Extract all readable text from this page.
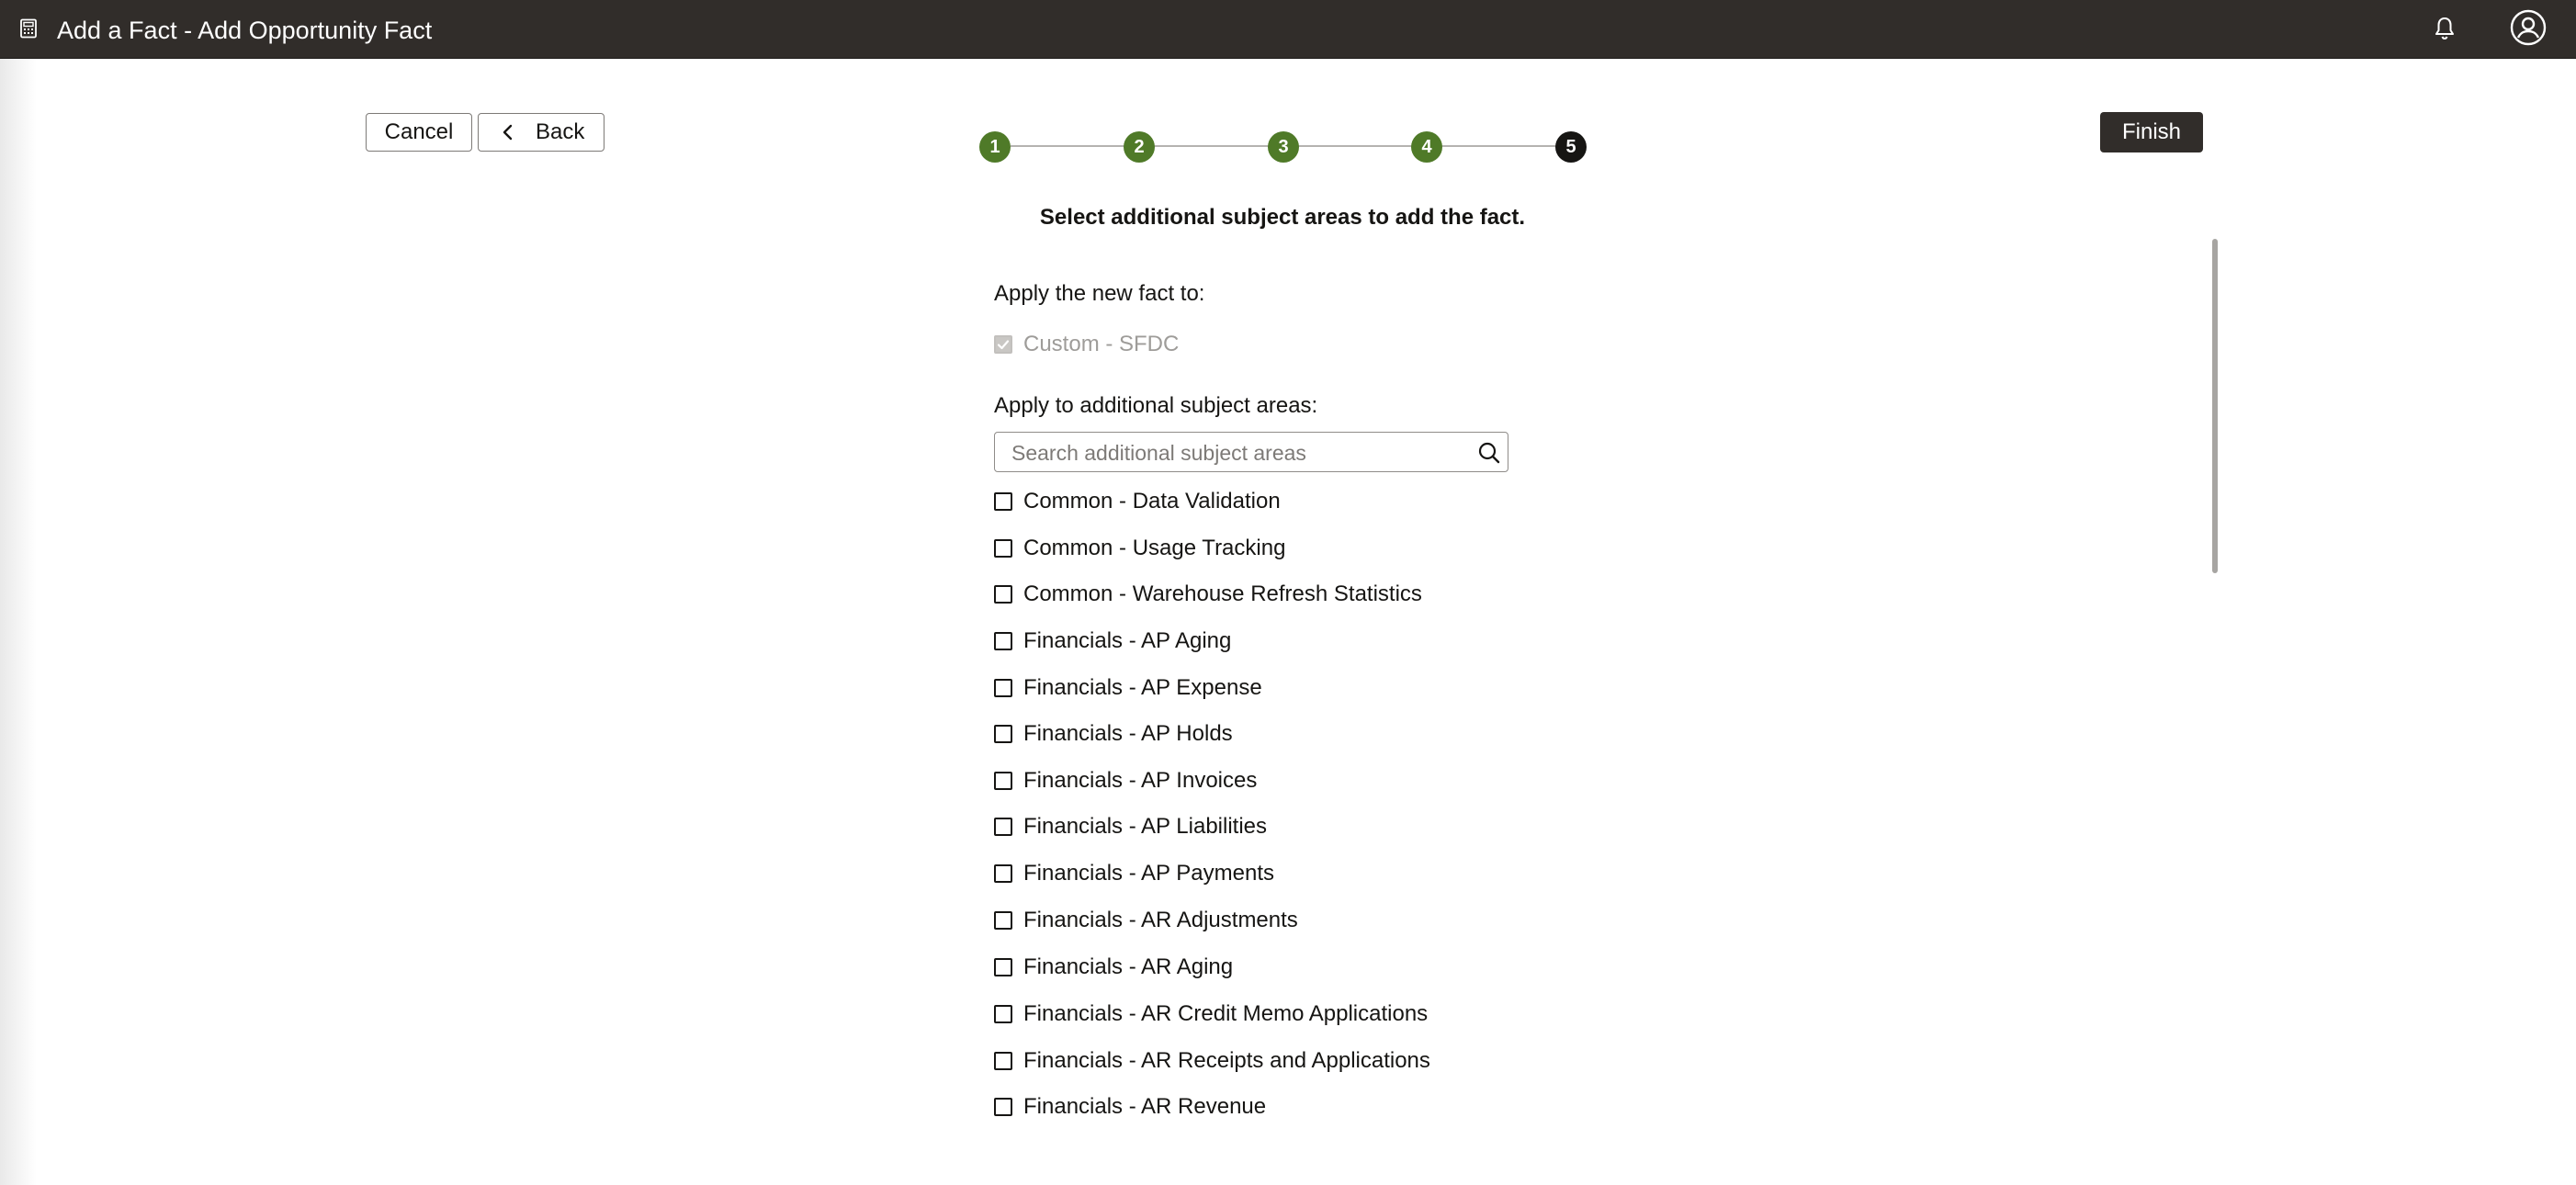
Add a Fact - Add Opportunity Fact
Cancel	Back	Finish
1	2	3	4	5
Select additional subject areas to add the fact.
Apply the new fact to:
Custom - SFDC
Apply to additional subject areas:
Search additional subject areas
Common - Data Validation
Common - Usage Tracking
Common - Warehouse Refresh Statistics
Financials - AP Aging
Financials - AP Expense
Financials - AP Holds
Financials - AP Invoices
Financials - AP Liabilities
Financials - AP Payments
Financials - AR Adjustments
Financials - AR Aging
Financials - AR Credit Memo Applications
Financials - AR Receipts and Applications
Financials - AR Revenue
